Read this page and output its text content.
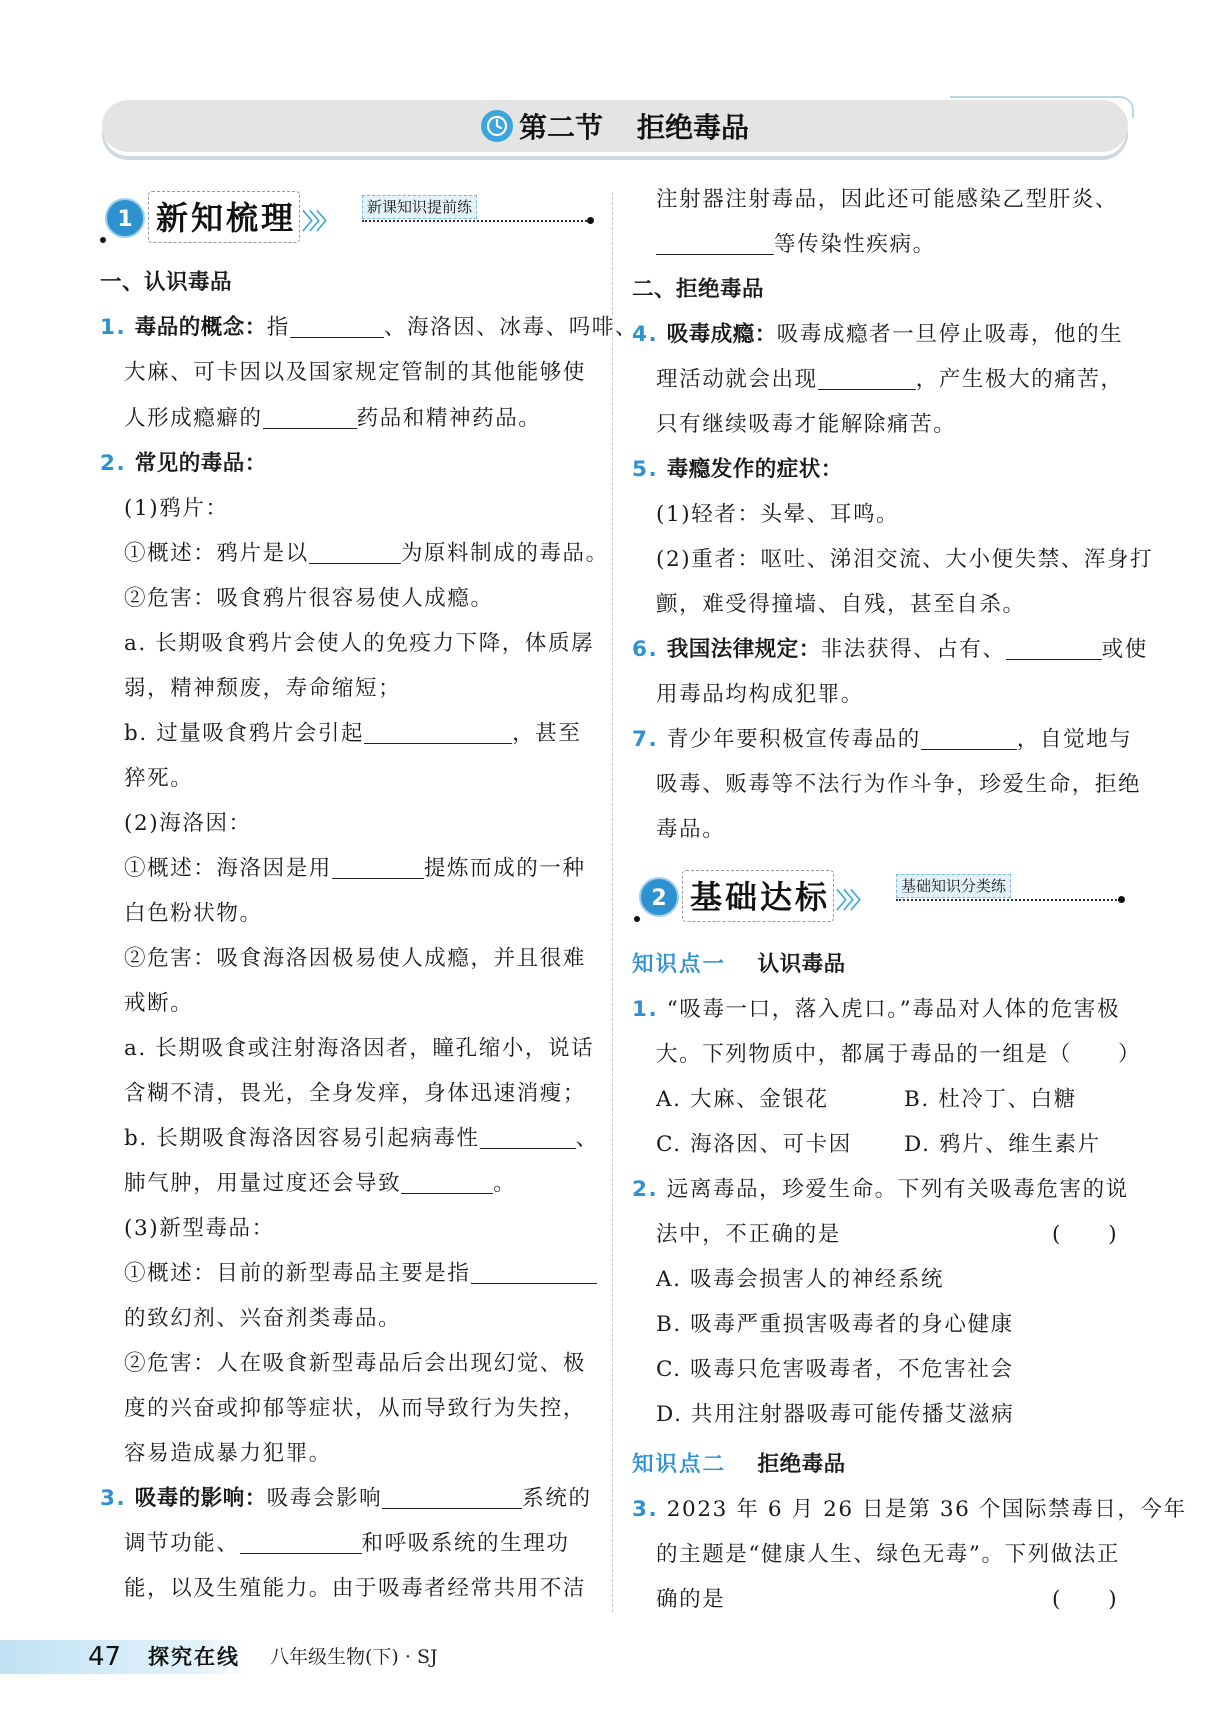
第二节 拒绝毒品
1 新知梳理 〉〉〉
新课知识提前练
一、认识毒品
1. 毒品的概念：指	、海洛因、冰毒、吗啡、
大麻、可卡因以及国家规定管制的其他能够使
人形成瘾癖的	药品和精神药品。
2. 常见的毒品：
(1)鸦片：
①概述：鸦片是以	为原料制成的毒品。
②危害：吸食鸦片很容易使人成瘾。
a. 长期吸食鸦片会使人的免疫力下降，体质孱
弱，精神颓废，寿命缩短；
b. 过量吸食鸦片会引起	，甚至
猝死。
(2)海洛因：
①概述：海洛因是用	提炼而成的一种
白色粉状物。
②危害：吸食海洛因极易使人成瘾，并且很难
戒断。
a. 长期吸食或注射海洛因者，瞳孔缩小，说话
含糊不清，畏光，全身发痒，身体迅速消瘦；
b. 长期吸食海洛因容易引起病毒性	、
肺气肿，用量过度还会导致	。
(3)新型毒品：
①概述：目前的新型毒品主要是指
的致幻剂、兴奋剂类毒品。
②危害：人在吸食新型毒品后会出现幻觉、极
度的兴奋或抑郁等症状，从而导致行为失控，
容易造成暴力犯罪。
3. 吸毒的影响：吸毒会影响	系统的
调节功能、	和呼吸系统的生理功
能，以及生殖能力。由于吸毒者经常共用不洁
注射器注射毒品，因此还可能感染乙型肝炎、
等传染性疾病。
二、拒绝毒品
4. 吸毒成瘾：吸毒成瘾者一旦停止吸毒，他的生
理活动就会出现	，产生极大的痛苦，
只有继续吸毒才能解除痛苦。
5. 毒瘾发作的症状：
(1)轻者：头晕、耳鸣。
(2)重者：呕吐、涕泪交流、大小便失禁、浑身打
颤，难受得撞墙、自残，甚至自杀。
6. 我国法律规定：非法获得、占有、	或使
用毒品均构成犯罪。
7. 青少年要积极宣传毒品的	，自觉地与
吸毒、贩毒等不法行为作斗争，珍爱生命，拒绝
毒品。
2 基础达标 〉〉〉
基础知识分类练
知识点一　 认识毒品
1. “吸毒一口，落入虎口。”毒品对人体的危害极
大。下列物质中，都属于毒品的一组是（　　）
A. 大麻、金银花	B. 杜冷丁、白糖
C. 海洛因、可卡因 D. 鸦片、维生素片
2. 远离毒品，珍爱生命。下列有关吸毒危害的说
法中，不正确的是	(　　)
A. 吸毒会损害人的神经系统
B. 吸毒严重损害吸毒者的身心健康
C. 吸毒只危害吸毒者，不危害社会
D. 共用注射器吸毒可能传播艾滋病
知识点二　 拒绝毒品
3. 2023 年 6 月 26 日是第 36 个国际禁毒日，今年
的主题是“健康人生、绿色无毒”。下列做法正
确的是	(　　)
47 探究在线 八年级生物(下) · SJ
